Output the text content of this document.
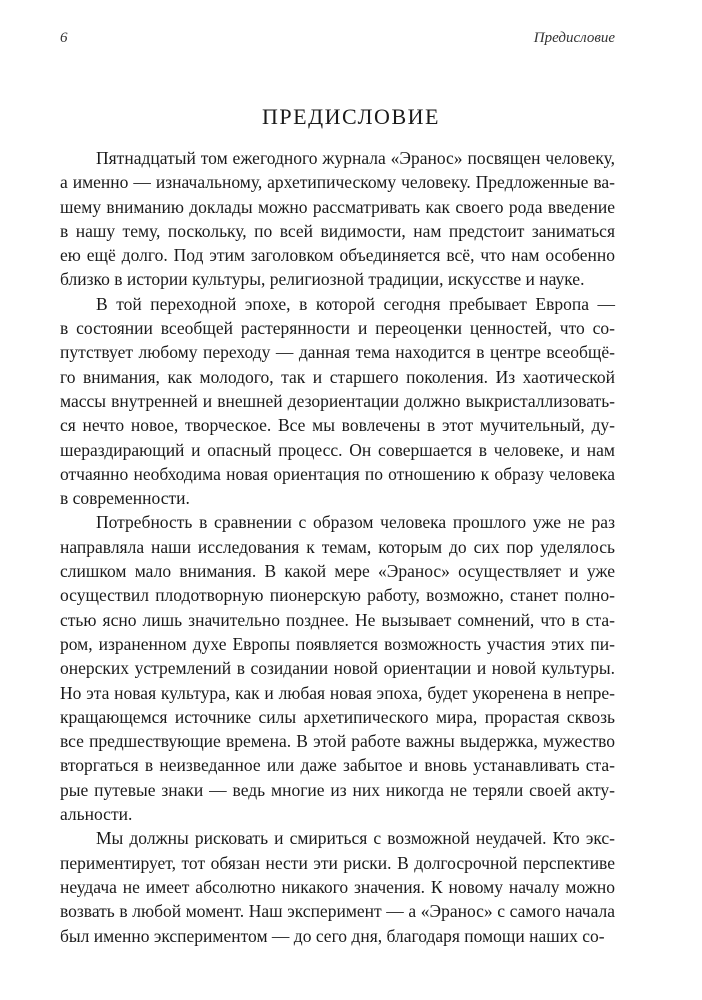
6	Предисловие
ПРЕДИСЛОВИЕ
Пятнадцатый том ежегодного журнала «Эранос» посвящен человеку,
а именно — изначальному, архетипическому человеку. Предложенные ва-
шему вниманию доклады можно рассматривать как своего рода введение
в нашу тему, поскольку, по всей видимости, нам предстоит заниматься
ею ещё долго. Под этим заголовком объединяется всё, что нам особенно
близко в истории культуры, религиозной традиции, искусстве и науке.
В той переходной эпохе, в которой сегодня пребывает Европа —
в состоянии всеобщей растерянности и переоценки ценностей, что со-
путствует любому переходу — данная тема находится в центре всеобщё-
го внимания, как молодого, так и старшего поколения. Из хаотической
массы внутренней и внешней дезориентации должно выкристаллизовать-
ся нечто новое, творческое. Все мы вовлечены в этот мучительный, ду-
шераздирающий и опасный процесс. Он совершается в человеке, и нам
отчаянно необходима новая ориентация по отношению к образу человека
в современности.
Потребность в сравнении с образом человека прошлого уже не раз
направляла наши исследования к темам, которым до сих пор уделялось
слишком мало внимания. В какой мере «Эранос» осуществляет и уже
осуществил плодотворную пионерскую работу, возможно, станет полно-
стью ясно лишь значительно позднее. Не вызывает сомнений, что в ста-
ром, израненном духе Европы появляется возможность участия этих пи-
онерских устремлений в созидании новой ориентации и новой культуры.
Но эта новая культура, как и любая новая эпоха, будет укоренена в непре-
кращающемся источнике силы архетипического мира, прорастая сквозь
все предшествующие времена. В этой работе важны выдержка, мужество
вторгаться в неизведанное или даже забытое и вновь устанавливать ста-
рые путевые знаки — ведь многие из них никогда не теряли своей акту-
альности.
Мы должны рисковать и смириться с возможной неудачей. Кто экс-
периментирует, тот обязан нести эти риски. В долгосрочной перспективе
неудача не имеет абсолютно никакого значения. К новому началу можно
возвать в любой момент. Наш эксперимент — а «Эранос» с самого начала
был именно экспериментом — до сего дня, благодаря помощи наших со-
